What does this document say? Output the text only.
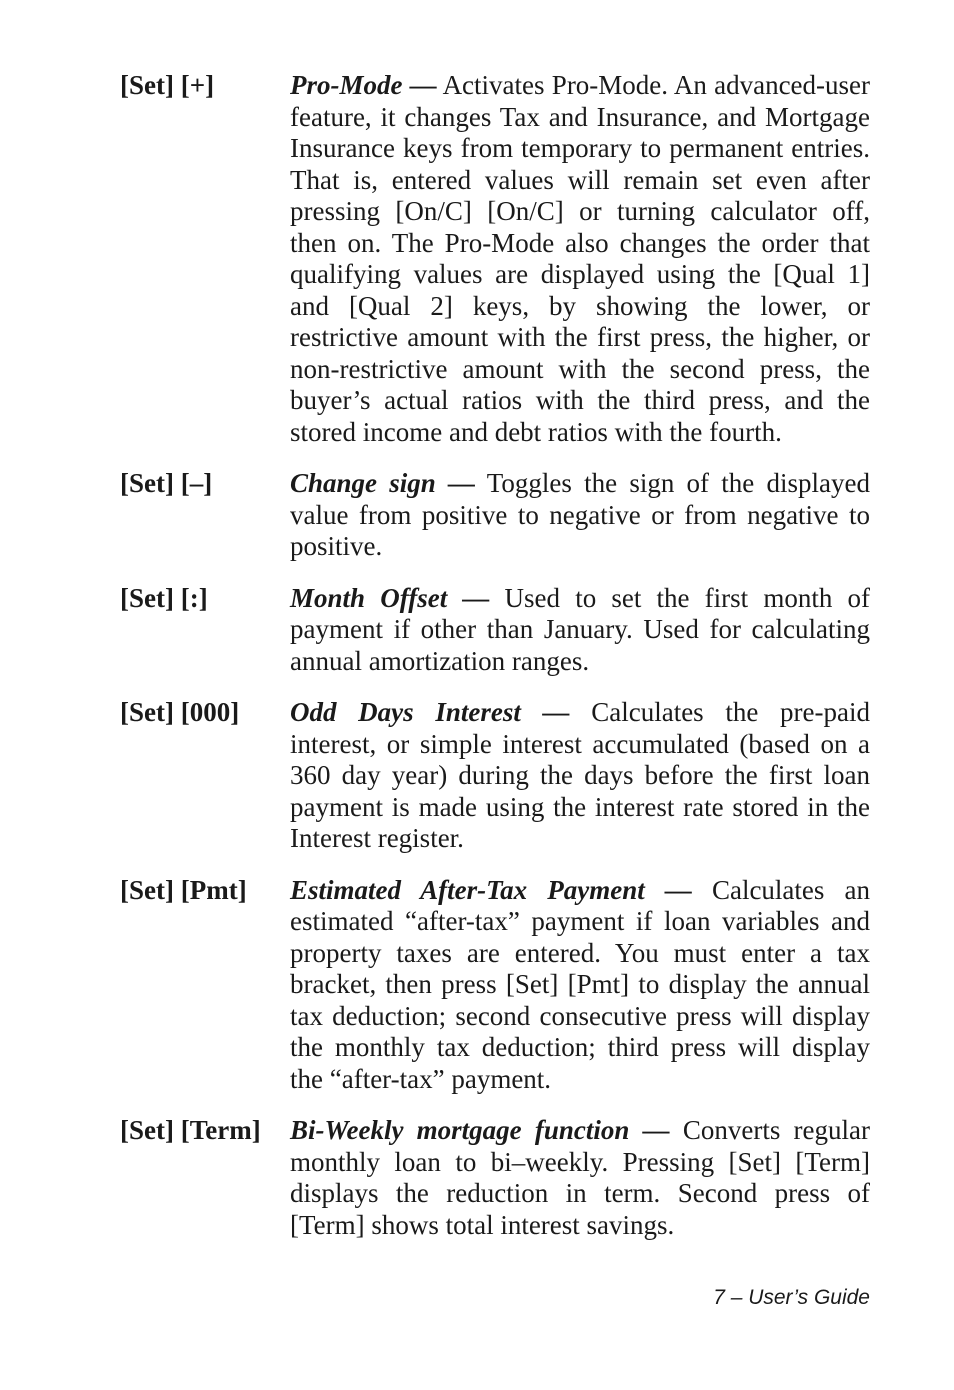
[Set] [+]	Pro-Mode — Activates Pro-Mode. An advanced-user feature, it changes Tax and Insurance, and Mortgage Insurance keys from temporary to permanent entries. That is, entered values will remain set even after pressing [On/C] [On/C] or turning calculator off, then on. The Pro-Mode also changes the order that qualifying values are displayed using the [Qual 1] and [Qual 2] keys, by showing the lower, or restrictive amount with the first press, the higher, or non-restrictive amount with the second press, the buyer’s actual ratios with the third press, and the stored income and debt ratios with the fourth.
[Set] [–]	Change sign — Toggles the sign of the displayed value from positive to negative or from negative to positive.
[Set] [:]	Month Offset — Used to set the first month of payment if other than January. Used for calculating annual amortization ranges.
[Set] [000]	Odd Days Interest — Calculates the pre-paid interest, or simple interest accumulated (based on a 360 day year) during the days before the first loan payment is made using the interest rate stored in the Interest register.
[Set] [Pmt]	Estimated After-Tax Payment — Calculates an estimated “after-tax” payment if loan variables and property taxes are entered. You must enter a tax bracket, then press [Set] [Pmt] to display the annual tax deduction; second consecutive press will display the monthly tax deduction; third press will display the “after-tax” payment.
[Set] [Term]	Bi-Weekly mortgage function — Converts regular monthly loan to bi–weekly. Pressing [Set] [Term] displays the reduction in term. Second press of [Term] shows total interest savings.
7 – User’s Guide
